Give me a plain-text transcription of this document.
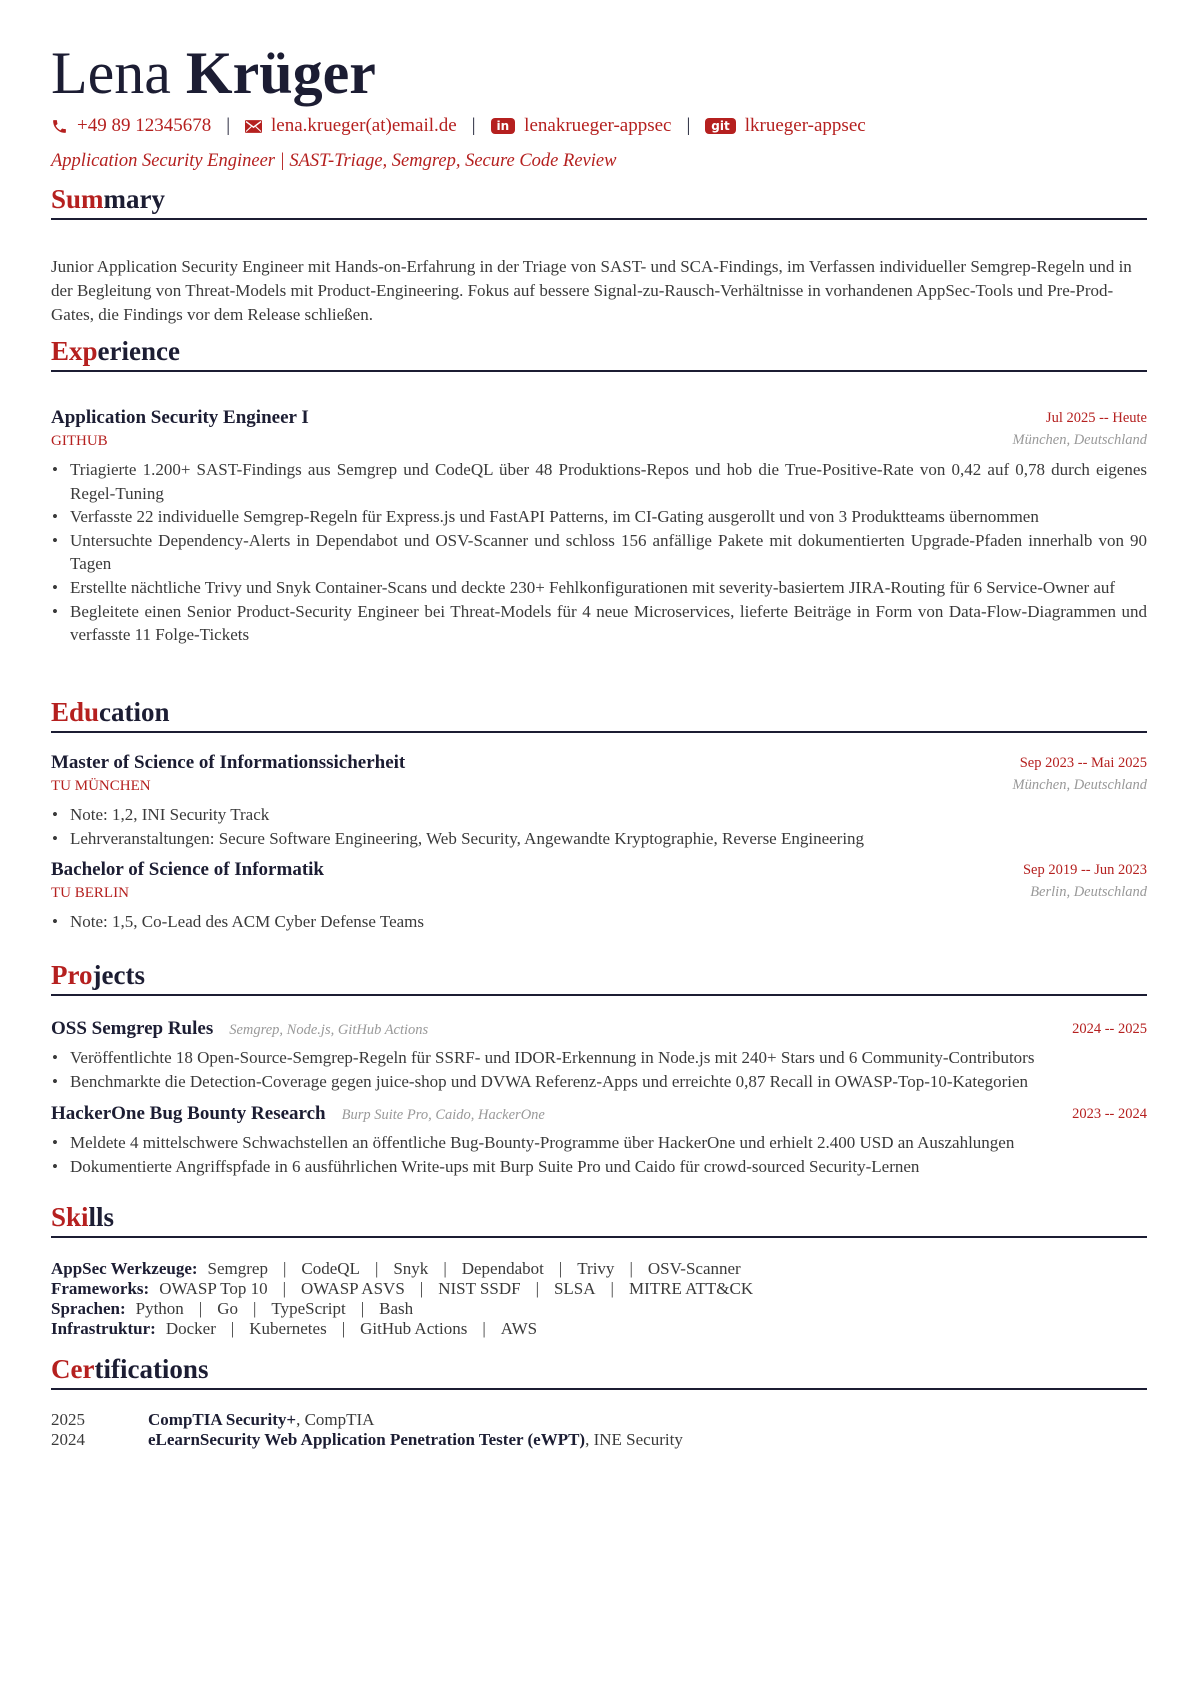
Lena Krüger
+49 89 12345678 | lena.krueger(at)email.de |	in lenakrueger-appsec |	git lkrueger-appsec
Application Security Engineer | SAST-Triage, Semgrep, Secure Code Review
Summary
Junior Application Security Engineer mit Hands-on-Erfahrung in der Triage von SAST- und SCA-Findings, im Verfassen individueller Semgrep-Regeln und in der Begleitung von Threat-Models mit Product-Engineering. Fokus auf bessere Signal-zu-Rausch-Verhältnisse in vorhandenen AppSec-Tools und Pre-Prod-Gates, die Findings vor dem Release schließen.
Experience
Application Security Engineer I
GITHUB
Jul 2025 -- Heute
München, Deutschland
• Triagierte 1.200+ SAST-Findings aus Semgrep und CodeQL über 48 Produktions-Repos und hob die True-Positive-Rate von 0,42 auf 0,78 durch eigenes Regel-Tuning
• Verfasste 22 individuelle Semgrep-Regeln für Express.js und FastAPI Patterns, im CI-Gating ausgerollt und von 3 Produktteams übernommen
• Untersuchte Dependency-Alerts in Dependabot und OSV-Scanner und schloss 156 anfällige Pakete mit dokumentierten Upgrade-Pfaden innerhalb von 90 Tagen
• Erstellte nächtliche Trivy und Snyk Container-Scans und deckte 230+ Fehlkonfigurationen mit severity-basiertem JIRA-Routing für 6 Service-Owner auf
• Begleitete einen Senior Product-Security Engineer bei Threat-Models für 4 neue Microservices, lieferte Beiträge in Form von Data-Flow-Diagrammen und verfasste 11 Folge-Tickets
Education
Master of Science of Informationssicherheit
TU MÜNCHEN
Sep 2023 -- Mai 2025
München, Deutschland
• Note: 1,2, INI Security Track
• Lehrveranstaltungen: Secure Software Engineering, Web Security, Angewandte Kryptographie, Reverse Engineering
Bachelor of Science of Informatik
TU BERLIN
Sep 2019 -- Jun 2023
Berlin, Deutschland
• Note: 1,5, Co-Lead des ACM Cyber Defense Teams
Projects
OSS Semgrep Rules Semgrep, Node.js, GitHub Actions	2024 -- 2025
• Veröffentlichte 18 Open-Source-Semgrep-Regeln für SSRF- und IDOR-Erkennung in Node.js mit 240+ Stars und 6 Community-Contributors
• Benchmarkte die Detection-Coverage gegen juice-shop und DVWA Referenz-Apps und erreichte 0,87 Recall in OWASP-Top-10-Kategorien
HackerOne Bug Bounty Research Burp Suite Pro, Caido, HackerOne	2023 -- 2024
• Meldete 4 mittelschwere Schwachstellen an öffentliche Bug-Bounty-Programme über HackerOne und erhielt 2.400 USD an Auszahlungen
• Dokumentierte Angriffspfade in 6 ausführlichen Write-ups mit Burp Suite Pro und Caido für crowd-sourced Security-Lernen
Skills
AppSec Werkzeuge: Semgrep | CodeQL | Snyk | Dependabot | Trivy | OSV-Scanner
Frameworks: OWASP Top 10 | OWASP ASVS | NIST SSDF | SLSA | MITRE ATT&CK
Sprachen: Python | Go | TypeScript | Bash
Infrastruktur: Docker | Kubernetes | GitHub Actions | AWS
Certifications
2025	CompTIA Security+ , CompTIA
2024	eLearnSecurity Web Application Penetration Tester (eWPT) , INE Security
